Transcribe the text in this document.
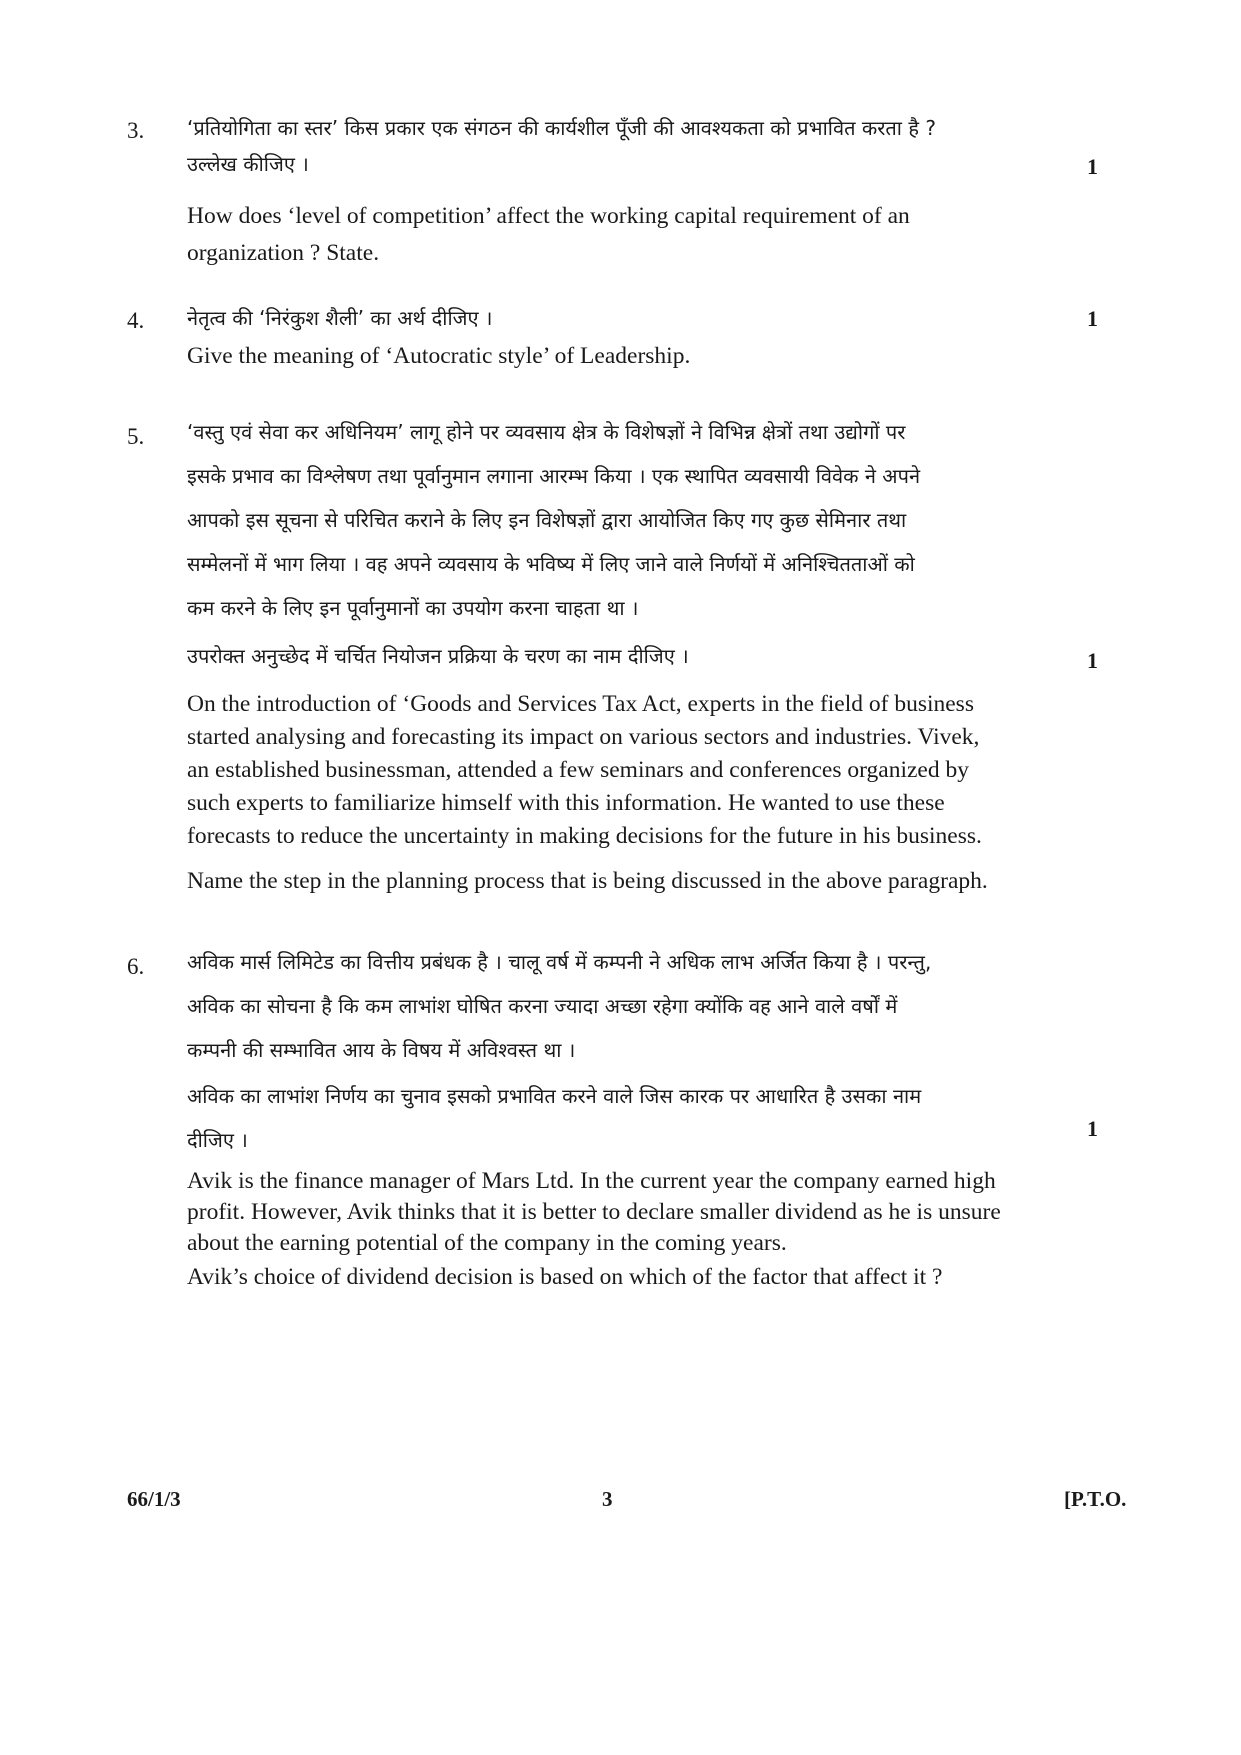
3. ‘प्रतियोगिता का स्तर’ किस प्रकार एक संगठन की कार्यशील पूँजी की आवश्यकता को प्रभावित करता है ?
उल्लेख कीजिए ।

How does ‘level of competition’ affect the working capital requirement of an
organization ? State.

1
4. नेतृत्व की ‘निरंकुश शैली’ का अर्थ दीजिए ।

Give the meaning of ‘Autocratic style’ of Leadership.

1
5. ‘वस्तु एवं सेवा कर अधिनियम’ लागू होने पर व्यवसाय क्षेत्र के विशेषज्ञों ने विभिन्न क्षेत्रों तथा उद्योगों पर
इसके प्रभाव का विश्लेषण तथा पूर्वानुमान लगाना आरम्भ किया । एक स्थापित व्यवसायी विवेक ने अपने
आपको इस सूचना से परिचित कराने के लिए इन विशेषज्ञों द्वारा आयोजित किए गए कुछ सेमिनार तथा
सम्मेलनों में भाग लिया । वह अपने व्यवसाय के भविष्य में लिए जाने वाले निर्णयों में अनिश्चितताओं को
कम करने के लिए इन पूर्वानुमानों का उपयोग करना चाहता था ।

उपरोक्त अनुच्छेद में चर्चित नियोजन प्रक्रिया के चरण का नाम दीजिए ।

On the introduction of ‘Goods and Services Tax Act, experts in the field of business
started analysing and forecasting its impact on various sectors and industries. Vivek,
an established businessman, attended a few seminars and conferences organized by
such experts to familiarize himself with this information. He wanted to use these
forecasts to reduce the uncertainty in making decisions for the future in his business.

Name the step in the planning process that is being discussed in the above paragraph.

1
6. अविक मार्स लिमिटेड का वित्तीय प्रबंधक है । चालू वर्ष में कम्पनी ने अधिक लाभ अर्जित किया है । परन्तु,
अविक का सोचना है कि कम लाभांश घोषित करना ज्यादा अच्छा रहेगा क्योंकि वह आने वाले वर्षों में
कम्पनी की सम्भावित आय के विषय में अविश्वस्त था ।

अविक का लाभांश निर्णय का चुनाव इसको प्रभावित करने वाले जिस कारक पर आधारित है उसका नाम
दीजिए ।

Avik is the finance manager of Mars Ltd. In the current year the company earned high
profit. However, Avik thinks that it is better to declare smaller dividend as he is unsure
about the earning potential of the company in the coming years.

Avik’s choice of dividend decision is based on which of the factor that affect it ?

1
66/1/3	3	[P.T.O.
